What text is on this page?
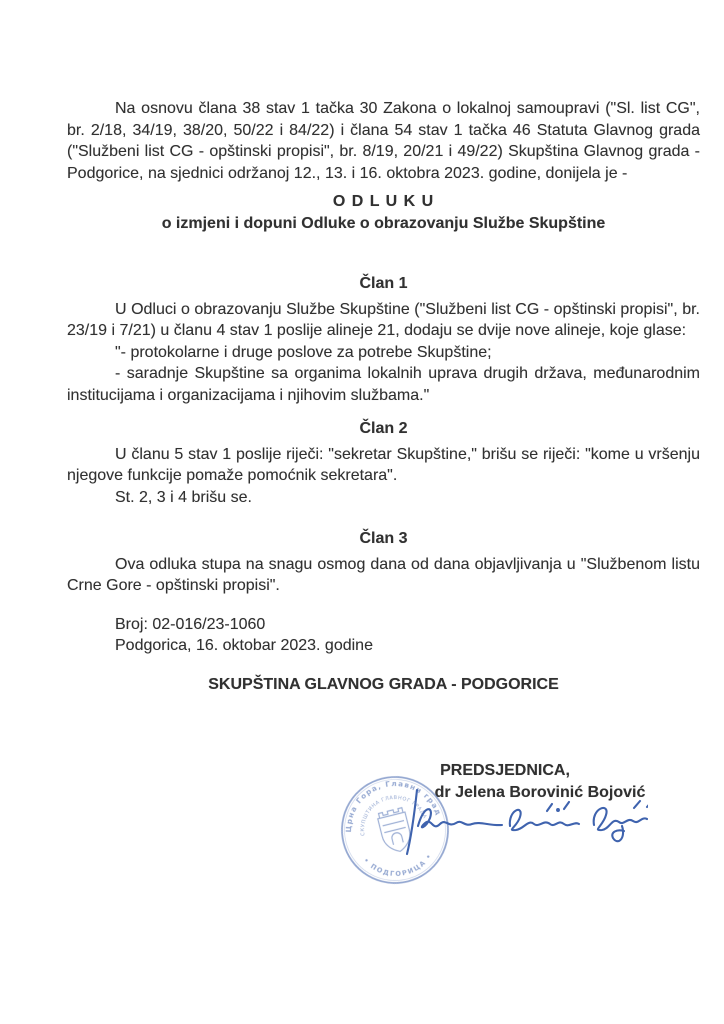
Na osnovu člana 38 stav 1 tačka 30 Zakona o lokalnoj samoupravi ("Sl. list CG", br. 2/18, 34/19, 38/20, 50/22 i 84/22) i člana 54 stav 1 tačka 46 Statuta Glavnog grada ("Službeni list CG - opštinski propisi", br. 8/19, 20/21 i 49/22) Skupština Glavnog grada - Podgorice, na sjednici održanoj 12., 13. i 16. oktobra 2023. godine, donijela je -

O D L U K U

o izmjeni i dopuni Odluke o obrazovanju Službe Skupštine

Član 1

U Odluci o obrazovanju Službe Skupštine ("Službeni list CG - opštinski propisi", br. 23/19 i 7/21) u članu 4 stav 1 poslije alineje 21, dodaju se dvije nove alineje, koje glase:

"- protokolarne i druge poslove za potrebe Skupštine;

- saradnje Skupštine sa organima lokalnih uprava drugih država, međunarodnim institucijama i organizacijama i njihovim službama."

Član 2

U članu 5 stav 1 poslije riječi: "sekretar Skupštine," brišu se riječi: "kome u vršenju njegove funkcije pomaže pomoćnik sekretara".

St. 2, 3 i 4 brišu se.

Član 3

Ova odluka stupa na snagu osmog dana od dana objavljivanja u "Službenom listu Crne Gore - opštinski propisi".

Broj: 02-016/23-1060

Podgorica, 16. oktobar 2023. godine

SKUPŠTINA GLAVNOG GRADA - PODGORICE

PREDSJEDNICA,
dr Jelena Borovinić Bojović
Црна Гора, Главни град
СКУПШТИНА ГЛАВНОГ ГРАДА
• ПОДГОРИЦА •
